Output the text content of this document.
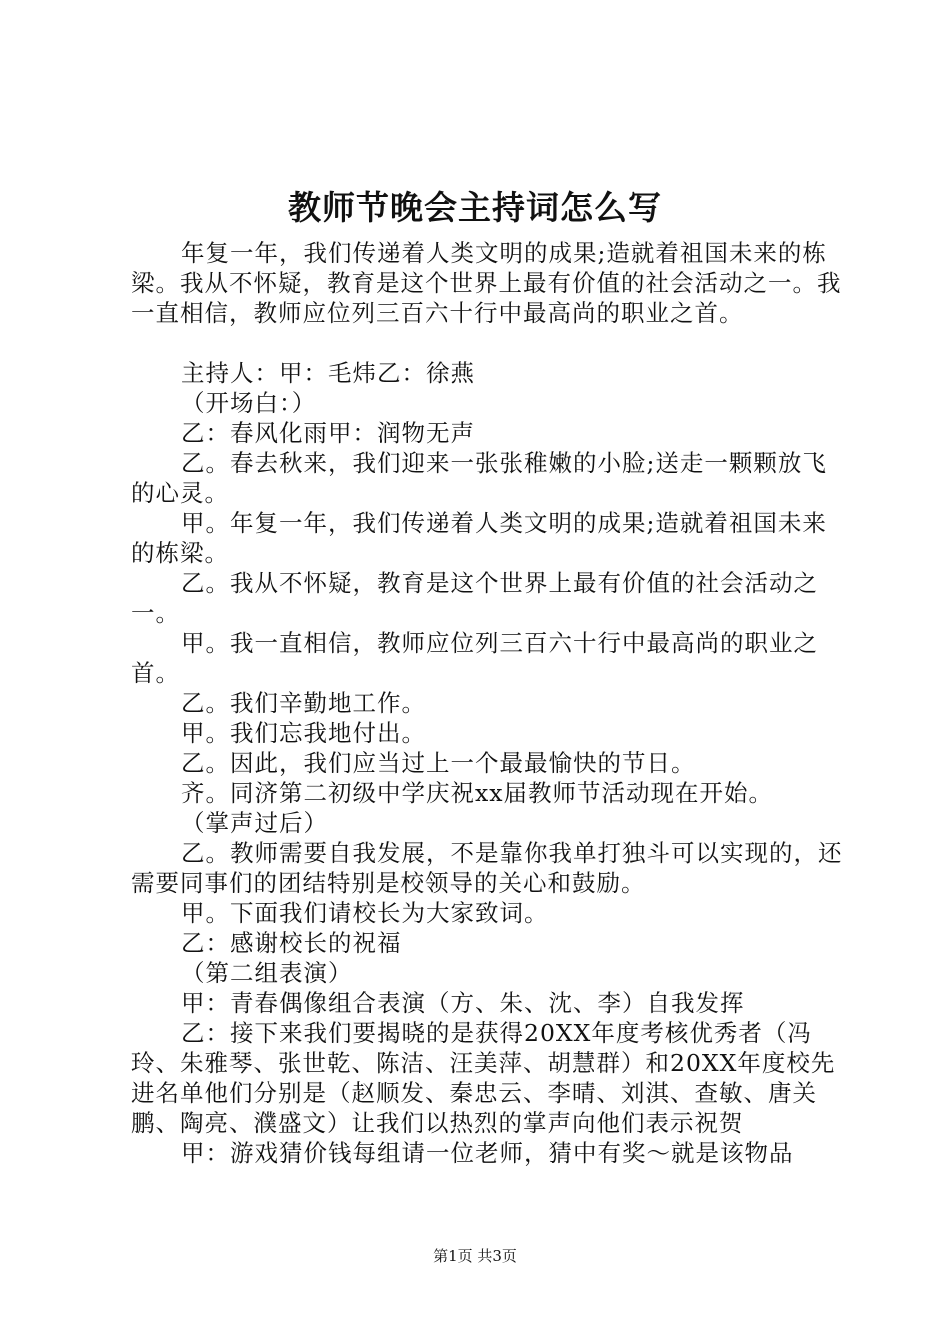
教师节晚会主持词怎么写

年复一年，我们传递着人类文明的成果;造就着祖国未来的栋梁。我从不怀疑，教育是这个世界上最有价值的社会活动之一。我一直相信，教师应位列三百六十行中最高尚的职业之首。

主持人：甲：毛炜乙：徐燕

（开场白：）

乙：春风化雨甲：润物无声

乙。春去秋来，我们迎来一张张稚嫩的小脸;送走一颗颗放飞的心灵。

甲。年复一年，我们传递着人类文明的成果;造就着祖国未来的栋梁。

乙。我从不怀疑，教育是这个世界上最有价值的社会活动之一。

甲。我一直相信，教师应位列三百六十行中最高尚的职业之首。

乙。我们辛勤地工作。

甲。我们忘我地付出。

乙。因此，我们应当过上一个最最愉快的节日。

齐。同济第二初级中学庆祝xx届教师节活动现在开始。

（掌声过后）

乙。教师需要自我发展，不是靠你我单打独斗可以实现的，还需要同事们的团结特别是校领导的关心和鼓励。

甲。下面我们请校长为大家致词。

乙：感谢校长的祝福

（第二组表演）

甲：青春偶像组合表演（方、朱、沈、李）自我发挥

乙：接下来我们要揭晓的是获得20XX年度考核优秀者（冯玲、朱雅琴、张世乾、陈洁、汪美萍、胡慧群）和20XX年度校先进名单他们分别是（赵顺发、秦忠云、李晴、刘淇、查敏、唐关鹏、陶亮、濮盛文）让我们以热烈的掌声向他们表示祝贺

甲：游戏猜价钱每组请一位老师，猜中有奖～就是该物品

第1页 共3页
